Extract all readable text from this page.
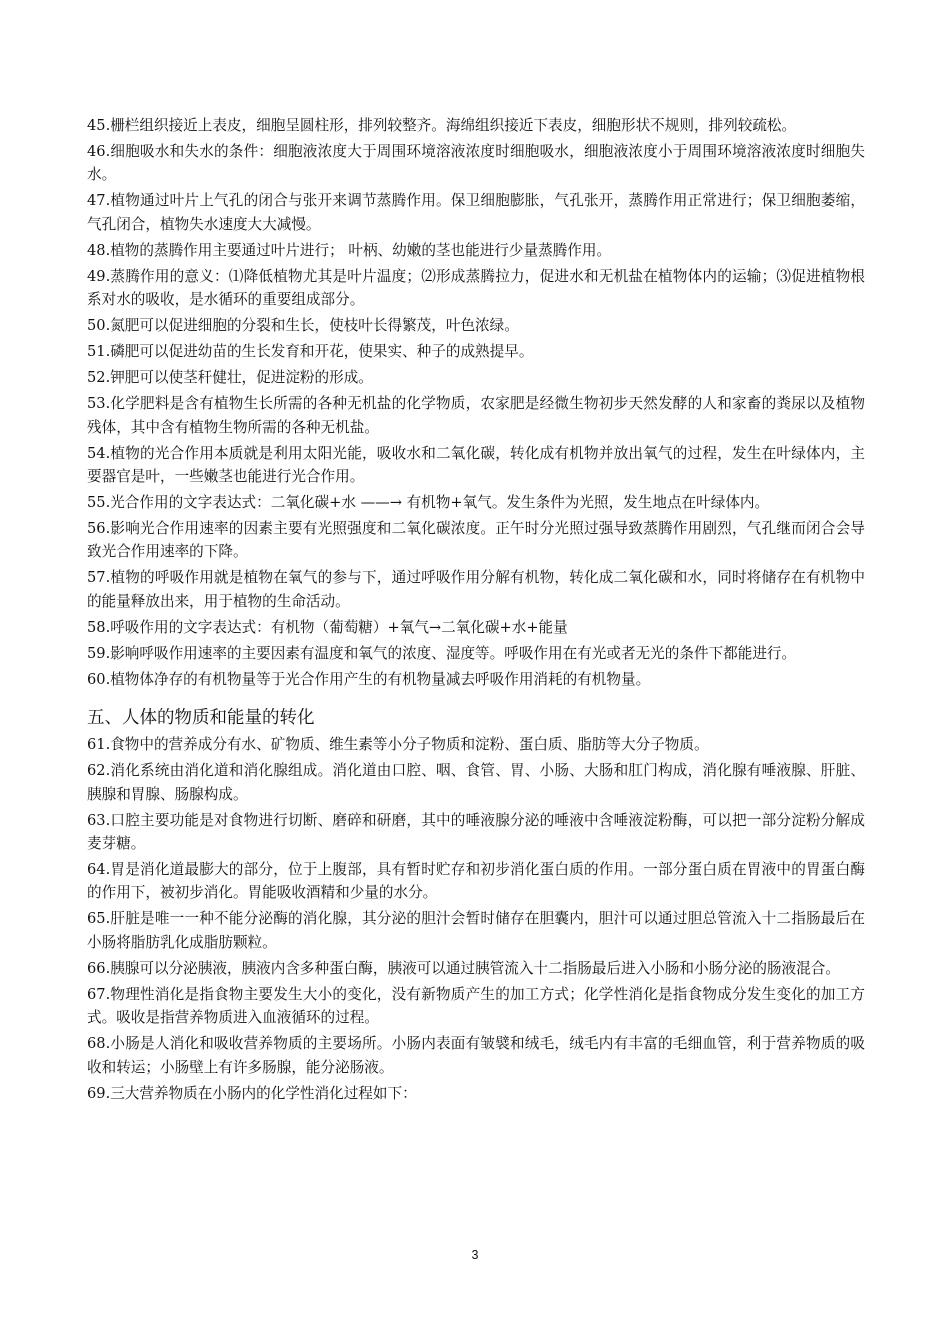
45.栅栏组织接近上表皮，细胞呈圆柱形，排列较整齐。海绵组织接近下表皮，细胞形状不规则，排列较疏松。
46.细胞吸水和失水的条件：细胞液浓度大于周围环境溶液浓度时细胞吸水，细胞液浓度小于周围环境溶液浓度时细胞失水。
47.植物通过叶片上气孔的闭合与张开来调节蒸腾作用。保卫细胞膨胀，气孔张开，蒸腾作用正常进行；保卫细胞萎缩，气孔闭合，植物失水速度大大减慢。
48.植物的蒸腾作用主要通过叶片进行； 叶柄、幼嫩的茎也能进行少量蒸腾作用。
49.蒸腾作用的意义：⑴降低植物尤其是叶片温度；⑵形成蒸腾拉力，促进水和无机盐在植物体内的运输；⑶促进植物根系对水的吸收，是水循环的重要组成部分。
50.氮肥可以促进细胞的分裂和生长，使枝叶长得繁茂，叶色浓绿。
51.磷肥可以促进幼苗的生长发育和开花，使果实、种子的成熟提早。
52.钾肥可以使茎秆健壮，促进淀粉的形成。
53.化学肥料是含有植物生长所需的各种无机盐的化学物质，农家肥是经微生物初步天然发酵的人和家畜的粪尿以及植物残体，其中含有植物生物所需的各种无机盐。
54.植物的光合作用本质就是利用太阳光能，吸收水和二氧化碳，转化成有机物并放出氧气的过程，发生在叶绿体内，主要器官是叶，一些嫩茎也能进行光合作用。
55.光合作用的文字表达式：二氧化碳+水 ——→ 有机物+氧气。发生条件为光照，发生地点在叶绿体内。
56.影响光合作用速率的因素主要有光照强度和二氧化碳浓度。正午时分光照过强导致蒸腾作用剧烈，气孔继而闭合会导致光合作用速率的下降。
57.植物的呼吸作用就是植物在氧气的参与下，通过呼吸作用分解有机物，转化成二氧化碳和水，同时将储存在有机物中的能量释放出来，用于植物的生命活动。
58.呼吸作用的文字表达式：有机物（葡萄糖）+氧气→二氧化碳+水+能量
59.影响呼吸作用速率的主要因素有温度和氧气的浓度、湿度等。呼吸作用在有光或者无光的条件下都能进行。
60.植物体净存的有机物量等于光合作用产生的有机物量减去呼吸作用消耗的有机物量。
五、人体的物质和能量的转化
61.食物中的营养成分有水、矿物质、维生素等小分子物质和淀粉、蛋白质、脂肪等大分子物质。
62.消化系统由消化道和消化腺组成。消化道由口腔、咽、食管、胃、小肠、大肠和肛门构成，消化腺有唾液腺、肝脏、胰腺和胃腺、肠腺构成。
63.口腔主要功能是对食物进行切断、磨碎和研磨，其中的唾液腺分泌的唾液中含唾液淀粉酶，可以把一部分淀粉分解成麦芽糖。
64.胃是消化道最膨大的部分，位于上腹部，具有暂时贮存和初步消化蛋白质的作用。一部分蛋白质在胃液中的胃蛋白酶的作用下，被初步消化。胃能吸收酒精和少量的水分。
65.肝脏是唯一一种不能分泌酶的消化腺，其分泌的胆汁会暂时储存在胆囊内，胆汁可以通过胆总管流入十二指肠最后在小肠将脂肪乳化成脂肪颗粒。
66.胰腺可以分泌胰液，胰液内含多种蛋白酶，胰液可以通过胰管流入十二指肠最后进入小肠和小肠分泌的肠液混合。
67.物理性消化是指食物主要发生大小的变化，没有新物质产生的加工方式；化学性消化是指食物成分发生变化的加工方式。吸收是指营养物质进入血液循环的过程。
68.小肠是人消化和吸收营养物质的主要场所。小肠内表面有皱襞和绒毛，绒毛内有丰富的毛细血管，利于营养物质的吸收和转运；小肠壁上有许多肠腺，能分泌肠液。
69.三大营养物质在小肠内的化学性消化过程如下：
3
